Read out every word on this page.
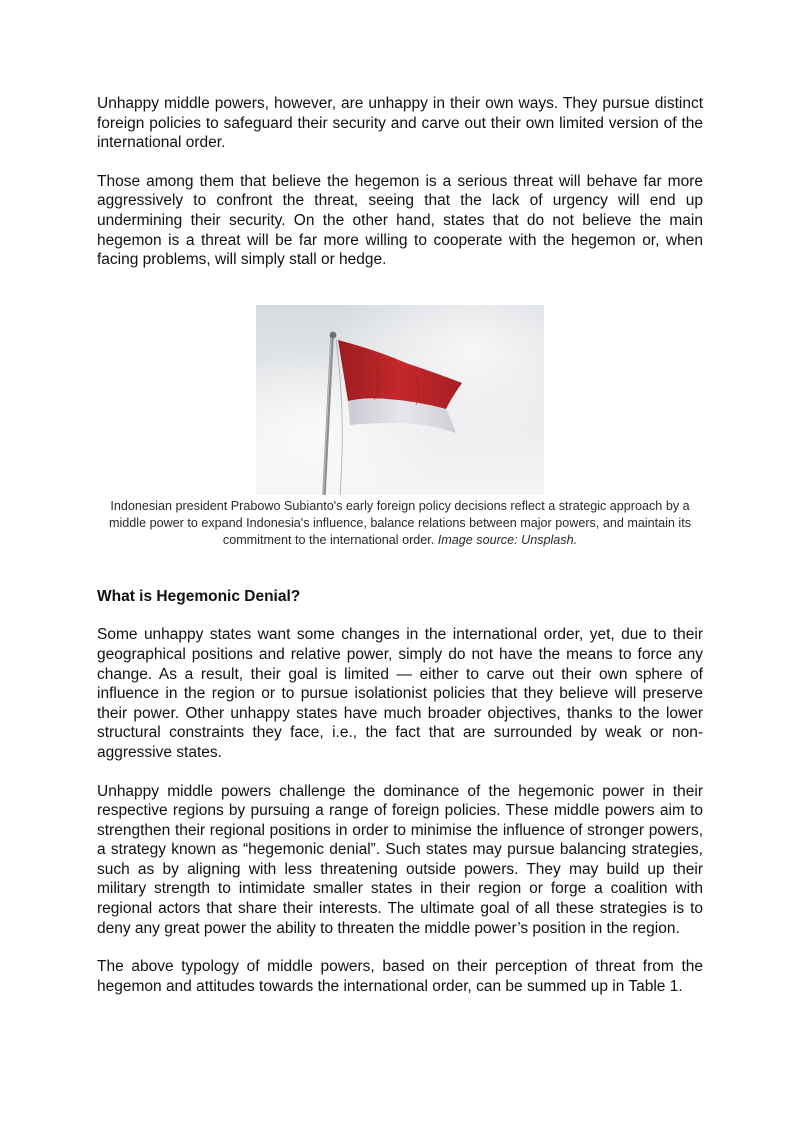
Unhappy middle powers, however, are unhappy in their own ways. They pursue distinct foreign policies to safeguard their security and carve out their own limited version of the international order.

Those among them that believe the hegemon is a serious threat will behave far more aggressively to confront the threat, seeing that the lack of urgency will end up undermining their security. On the other hand, states that do not believe the main hegemon is a threat will be far more willing to cooperate with the hegemon or, when facing problems, will simply stall or hedge.

Indonesian president Prabowo Subianto's early foreign policy decisions reflect a strategic approach by a middle power to expand Indonesia's influence, balance relations between major powers, and maintain its commitment to the international order. Image source: Unsplash.

What is Hegemonic Denial?

Some unhappy states want some changes in the international order, yet, due to their geographical positions and relative power, simply do not have the means to force any change. As a result, their goal is limited — either to carve out their own sphere of influence in the region or to pursue isolationist policies that they believe will preserve their power. Other unhappy states have much broader objectives, thanks to the lower structural constraints they face, i.e., the fact that are surrounded by weak or non-aggressive states.

Unhappy middle powers challenge the dominance of the hegemonic power in their respective regions by pursuing a range of foreign policies. These middle powers aim to strengthen their regional positions in order to minimise the influence of stronger powers, a strategy known as “hegemonic denial”. Such states may pursue balancing strategies, such as by aligning with less threatening outside powers. They may build up their military strength to intimidate smaller states in their region or forge a coalition with regional actors that share their interests. The ultimate goal of all these strategies is to deny any great power the ability to threaten the middle power’s position in the region.

The above typology of middle powers, based on their perception of threat from the hegemon and attitudes towards the international order, can be summed up in Table 1.
